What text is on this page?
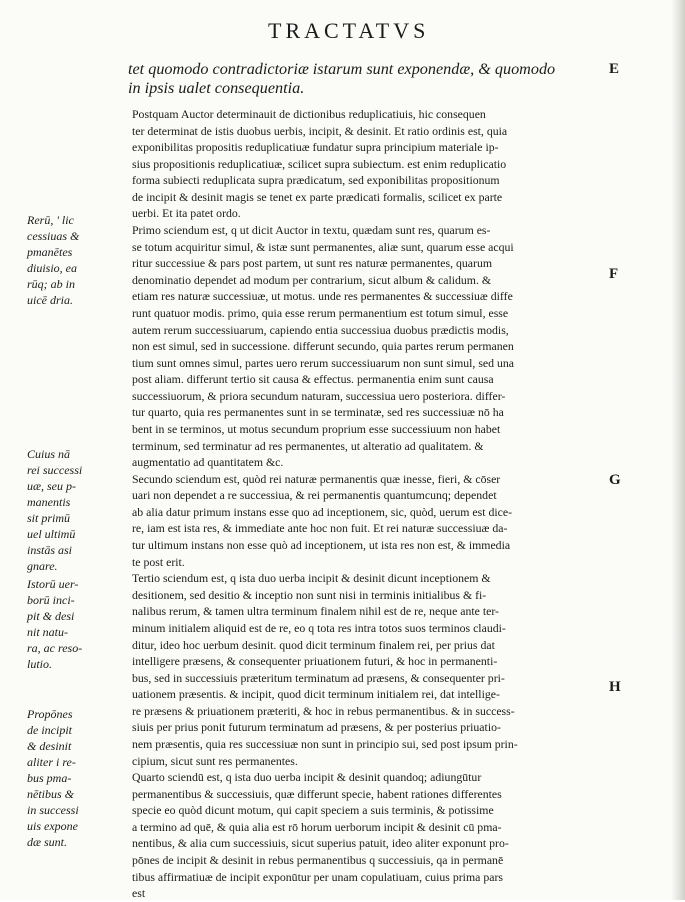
TRACTATVS
tet quomodo contradictoriæ istarum sunt exponendæ, & quomodo
in ipsis ualet consequentia.
Postquam Auctor determinauit de dictionibus reduplicatiuis, hic consequen
ter determinat de istis duobus uerbis, incipit, & desinit. Et ratio ordinis est, quia
exponibilitas propositis reduplicatiuæ fundatur supra principium materiale ip-
sius propositionis reduplicatiuæ, scilicet supra subiectum. est enim reduplicatio
forma subiecti reduplicata supra prædicatum, sed exponibilitas propositionum
de incipit & desinit magis se tenet ex parte prædicati formalis, scilicet ex parte
uerbi. Et ita patet ordo.
Primo sciendum est, q ut dicit Auctor in textu, quædam sunt res, quarum es-
se totum acquiritur simul, & istæ sunt permanentes, aliæ sunt, quarum esse acqui
ritur successiue & pars post partem, ut sunt res naturæ permanentes, quarum
denominatio dependet ad modum per contrarium, sicut album & calidum. &
etiam res naturæ successiuæ, ut motus. unde res permanentes & successiuæ diffe
runt quatuor modis. primo, quia esse rerum permanentium est totum simul, esse
autem rerum successiuarum, capiendo entia successiua duobus prædictis modis,
non est simul, sed in successione. differunt secundo, quia partes rerum permanen
tium sunt omnes simul, partes uero rerum successiuarum non sunt simul, sed una
post aliam. differunt tertio sit causa & effectus. permanentia enim sunt causa
successiuorum, & priora secundum naturam, successiua uero posteriora. differ-
tur quarto, quia res permanentes sunt in se terminatæ, sed res successiuæ nō ha
bent in se terminos, ut motus secundum proprium esse successiuum non habet
terminum, sed terminatur ad res permanentes, ut alteratio ad qualitatem. &
augmentatio ad quantitatem &c.
Secundo sciendum est, quòd rei naturæ permanentis quæ inesse, fieri, & cōser
uari non dependet a re successiua, & rei permanentis quantumcunq; dependet
ab alia datur primum instans esse quo ad inceptionem, sic, quòd, uerum est dice-
re, iam est ista res, & immediate ante hoc non fuit. Et rei naturæ successiuæ da-
tur ultimum instans non esse quò ad inceptionem, ut ista res non est, & immedia
te post erit.
Tertio sciendum est, q ista duo uerba incipit & desinit dicunt inceptionem &
desitionem, sed desitio & inceptio non sunt nisi in terminis initialibus & fi-
nalibus rerum, & tamen ultra terminum finalem nihil est de re, neque ante ter-
minum initialem aliquid est de re, eo q tota res intra totos suos terminos claudi-
ditur, ideo hoc uerbum desinit. quod dicit terminum finalem rei, per prius dat
intelligere præsens, & consequenter priuationem futuri, & hoc in permanenti-
bus, sed in successiuis præteritum terminatum ad præsens, & consequenter pri-
uationem præsentis. & incipit, quod dicit terminum initialem rei, dat intellige-
re præsens & priuationem præteriti, & hoc in rebus permanentibus. & in success-
siuis per prius ponit futurum terminatum ad præsens, & per posterius priuatio-
nem præsentis, quia res successiuæ non sunt in principio sui, sed post ipsum prin-
cipium, sicut sunt res permanentes.
Quarto sciendū est, q ista duo uerba incipit & desinit quandoq; adiungūtur
permanentibus & successiuis, quæ differunt specie, habent rationes differentes
specie eo quòd dicunt motum, qui capit speciem a suis terminis, & potissime
a termino ad quē, & quia alia est rō horum uerborum incipit & desinit cū pma-
nentibus, & alia cum successiuis, sicut superius patuit, ideo aliter exponunt pro-
pōnes de incipit & desinit in rebus permanentibus q successiuis, qa in permanē
tibus affirmatiuæ de incipit exponūtur per unam copulatiuam, cuius prima pars
est
Rerū, ' lic
cessiuas &
pmanētes
diuisio, ea
rūq; ab in
uicē dria.
Cuius nā
rei successi
uæ, seu p-
manentis
sit primū
uel ultimū
instās asi
gnare.
Istorū uer-
borū inci-
pit & desi
nit natu-
ra, ac reso-
lutio.
Propōnes
de incipit
& desinit
aliter i re-
bus pma-
nētibus &
in successi
uis expone
dæ sunt.
E
F
G
H
